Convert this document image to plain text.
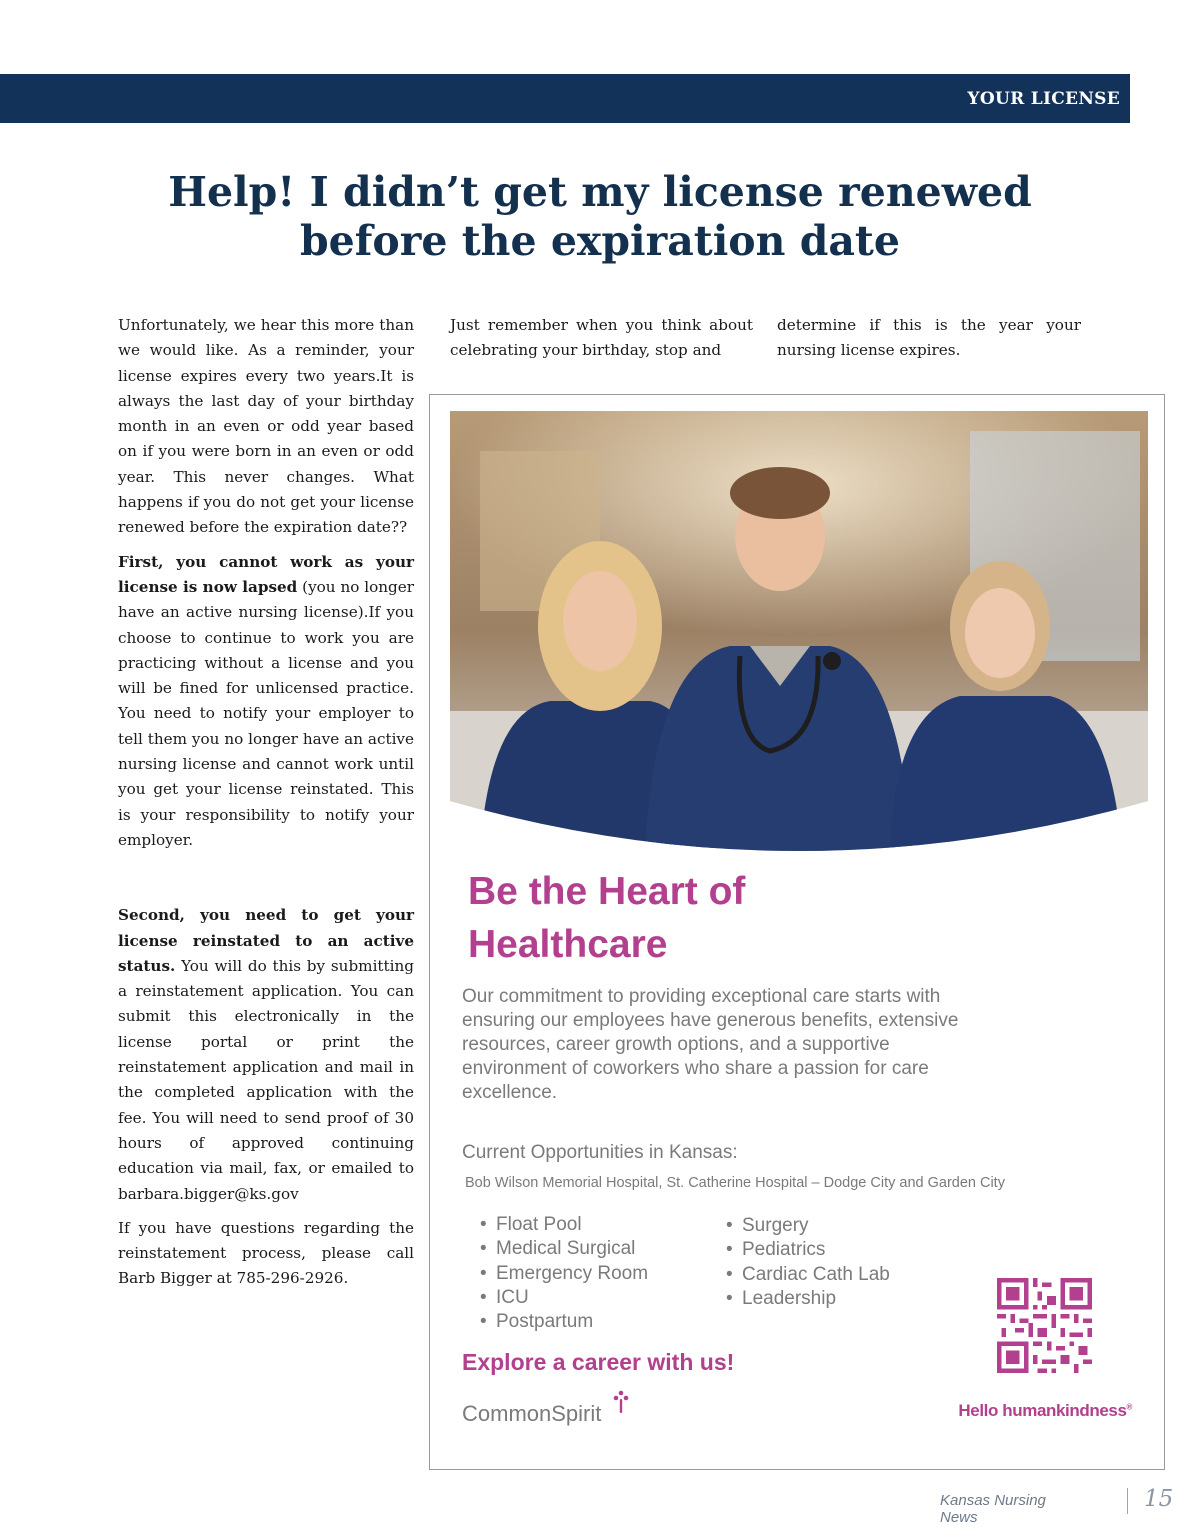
YOUR LICENSE
Help! I didn’t get my license renewed
before the expiration date

Unfortunately, we hear this more than we would like. As a reminder, your license expires every two years.It is always the last day of your birthday month in an even or odd year based on if you were born in an even or odd year. This never changes. What happens if you do not get your license renewed before the expiration date??

First, you cannot work as your license is now lapsed (you no longer have an active nursing license).If you choose to continue to work you are practicing without a license and you will be fined for unlicensed practice. You need to notify your employer to tell them you no longer have an active nursing license and cannot work until you get your license reinstated. This is your responsibility to notify your employer.

Second, you need to get your license reinstated to an active status. You will do this by submitting a reinstatement application. You can submit this electronically in the license portal or print the reinstatement application and mail in the completed application with the fee. You will need to send proof of 30 hours of approved continuing education via mail, fax, or emailed to barbara.bigger@ks.gov

If you have questions regarding the reinstatement process, please call Barb Bigger at 785-296-2926.

Just remember when you think about celebrating your birthday, stop and

determine if this is the year your nursing license expires.

Be the Heart of
Healthcare

Our commitment to providing exceptional care starts with ensuring our employees have generous benefits, extensive resources, career growth options, and a supportive environment of coworkers who share a passion for care excellence.

Current Opportunities in Kansas:
Bob Wilson Memorial Hospital, St. Catherine Hospital – Dodge City and Garden City
• Float Pool
• Medical Surgical
• Emergency Room
• ICU
• Postpartum
• Surgery
• Pediatrics
• Cardiac Cath Lab
• Leadership
Explore a career with us!
CommonSpirit	Hello humankindness®
Kansas Nursing News
15
